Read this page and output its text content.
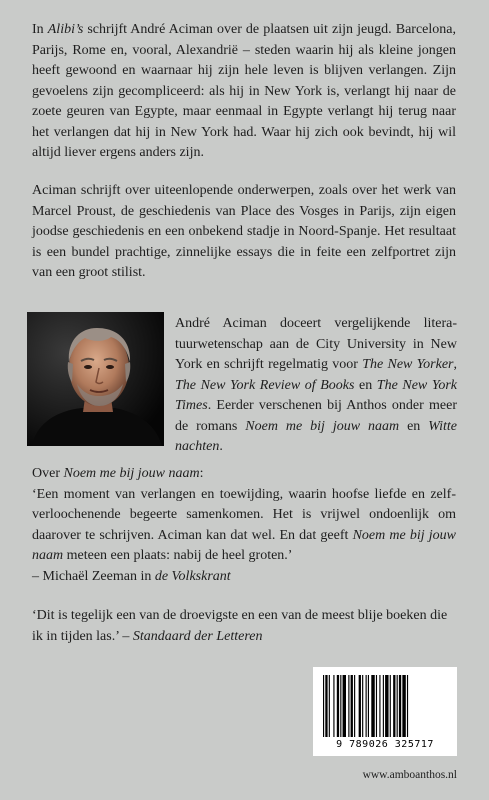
In Alibi’s schrijft André Aciman over de plaatsen uit zijn jeugd. Barcelona, Parijs, Rome en, vooral, Alexandrië – steden waarin hij als kleine jongen heeft gewoond en waarnaar hij zijn hele leven is blijven verlangen. Zijn gevoelens zijn gecompliceerd: als hij in New York is, verlangt hij naar de zoete geuren van Egypte, maar eenmaal in Egypte verlangt hij terug naar het verlangen dat hij in New York had. Waar hij zich ook bevindt, hij wil altijd liever ergens anders zijn.

Aciman schrijft over uiteenlopende onderwerpen, zoals over het werk van Marcel Proust, de geschiedenis van Place des Vosges in Parijs, zijn eigen joodse geschiedenis en een onbekend stadje in Noord-Spanje. Het resultaat is een bundel prachtige, zinnelijke essays die in feite een zelfportret zijn van een groot stilist.

André Aciman doceert vergelijkende literatuurwetenschap aan de City University in New York en schrijft regelmatig voor The New Yorker, The New York Review of Books en The New York Times. Eerder verschenen bij Anthos onder meer de romans Noem me bij jouw naam en Witte nachten.

Over Noem me bij jouw naam:

‘Een moment van verlangen en toewijding, waarin hoofse liefde en zelfverloochenende begeerte samenkomen. Het is vrijwel ondoenlijk om daarover te schrijven. Aciman kan dat wel. En dat geeft Noem me bij jouw naam meteen een plaats: nabij de heel groten.’

– Michaël Zeeman in de Volkskrant

‘Dit is tegelijk een van de droevigste en een van de meest blije boeken die ik in tijden las.’ – Standaard der Letteren

9 789026 325717
www.amboanthos.nl
